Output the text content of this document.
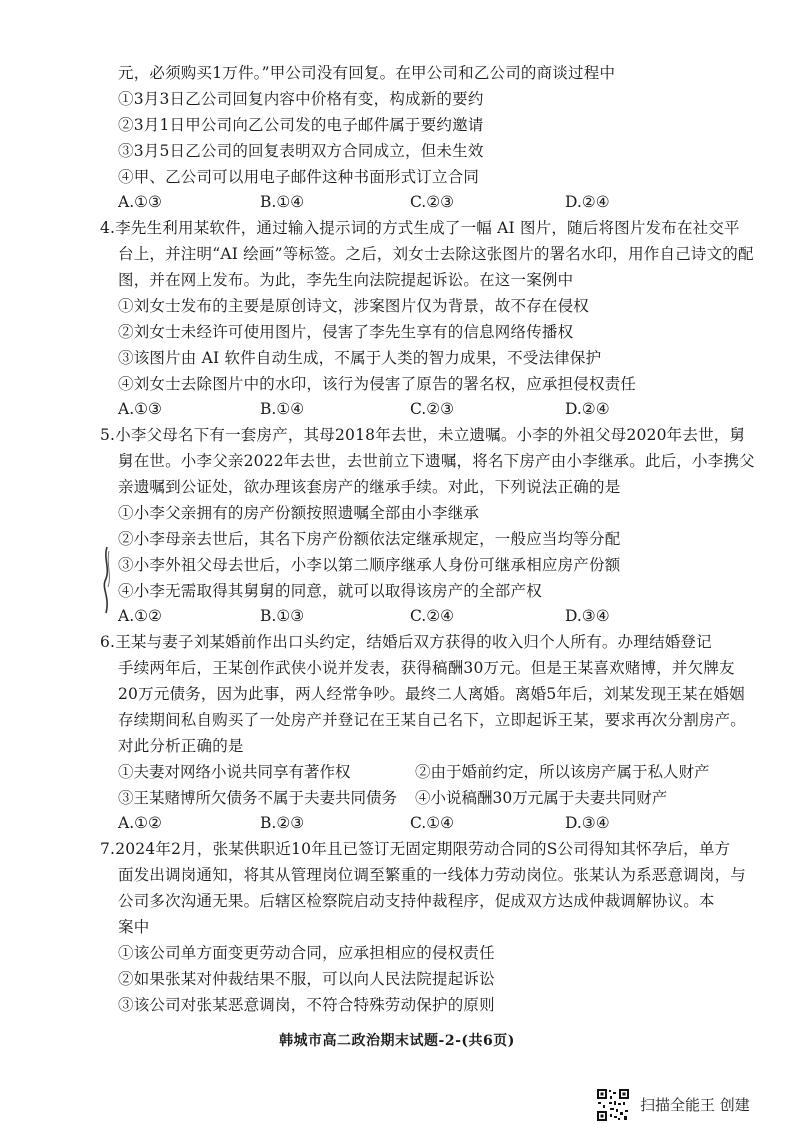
元，必须购买1万件。”甲公司没有回复。在甲公司和乙公司的商谈过程中
①3月3日乙公司回复内容中价格有变，构成新的要约
②3月1日甲公司向乙公司发的电子邮件属于要约邀请
③3月5日乙公司的回复表明双方合同成立，但未生效
④甲、乙公司可以用电子邮件这种书面形式订立合同
A.①③	B.①④	C.②③	D.②④
4.李先生利用某软件，通过输入提示词的方式生成了一幅 AI 图片，随后将图片发布在社交平
台上，并注明“AI 绘画”等标签。之后，刘女士去除这张图片的署名水印，用作自己诗文的配
图，并在网上发布。为此，李先生向法院提起诉讼。在这一案例中
①刘女士发布的主要是原创诗文，涉案图片仅为背景，故不存在侵权
②刘女士未经许可使用图片，侵害了李先生享有的信息网络传播权
③该图片由 AI 软件自动生成，不属于人类的智力成果，不受法律保护
④刘女士去除图片中的水印，该行为侵害了原告的署名权，应承担侵权责任
A.①③	B.①④	C.②③	D.②④
5.小李父母名下有一套房产，其母2018年去世，未立遗嘱。小李的外祖父母2020年去世，舅
舅在世。小李父亲2022年去世，去世前立下遗嘱，将名下房产由小李继承。此后，小李携父
亲遗嘱到公证处，欲办理该套房产的继承手续。对此，下列说法正确的是
①小李父亲拥有的房产份额按照遗嘱全部由小李继承
②小李母亲去世后，其名下房产份额依法定继承规定，一般应当均等分配
③小李外祖父母去世后，小李以第二顺序继承人身份可继承相应房产份额
④小李无需取得其舅舅的同意，就可以取得该房产的全部产权
A.①②	B.①③	C.②④	D.③④
6.王某与妻子刘某婚前作出口头约定，结婚后双方获得的收入归个人所有。办理结婚登记
手续两年后，王某创作武侠小说并发表，获得稿酬30万元。但是王某喜欢赌博，并欠牌友
20万元债务，因为此事，两人经常争吵。最终二人离婚。离婚5年后，刘某发现王某在婚姻
存续期间私自购买了一处房产并登记在王某自己名下，立即起诉王某，要求再次分割房产。
对此分析正确的是
①夫妻对网络小说共同享有著作权	②由于婚前约定，所以该房产属于私人财产
③王某赌博所欠债务不属于夫妻共同债务 ④小说稿酬30万元属于夫妻共同财产
A.①②	B.②③	C.①④	D.③④
7.2024年2月，张某供职近10年且已签订无固定期限劳动合同的S公司得知其怀孕后，单方
面发出调岗通知，将其从管理岗位调至繁重的一线体力劳动岗位。张某认为系恶意调岗，与
公司多次沟通无果。后辖区检察院启动支持仲裁程序，促成双方达成仲裁调解协议。本
案中
①该公司单方面变更劳动合同，应承担相应的侵权责任
②如果张某对仲裁结果不服，可以向人民法院提起诉讼
③该公司对张某恶意调岗，不符合特殊劳动保护的原则
韩城市高二政治期末试题-2-(共6页)
扫描全能王 创建
